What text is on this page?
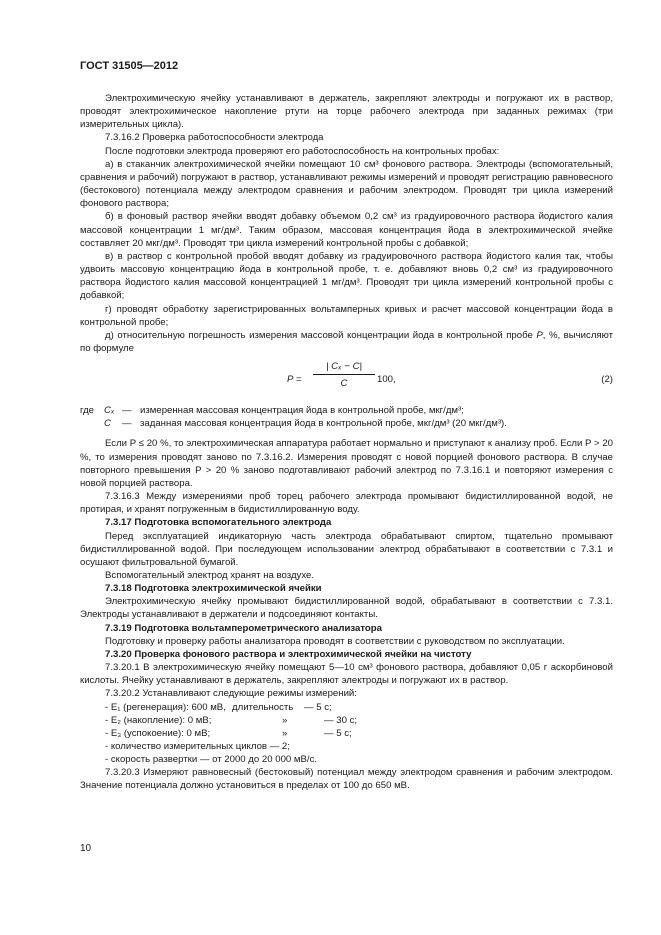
ГОСТ 31505—2012

Электрохимическую ячейку устанавливают в держатель, закрепляют электроды и погружают их в раствор, проводят электрохимическое накопление ртути на торце рабочего электрода при заданных режимах (три измерительных цикла).

7.3.16.2 Проверка работоспособности электрода

После подготовки электрода проверяют его работоспособность на контрольных пробах:

а) в стаканчик электрохимической ячейки помещают 10 см³ фонового раствора. Электроды (вспомогательный, сравнения и рабочий) погружают в раствор, устанавливают режимы измерений и проводят регистрацию равновесного (бестокового) потенциала между электродом сравнения и рабочим электродом. Проводят три цикла измерений фонового раствора;

б) в фоновый раствор ячейки вводят добавку объемом 0,2 см³ из градуировочного раствора йодистого калия массовой концентрации 1 мг/дм³. Таким образом, массовая концентрация йода в электрохимической ячейке составляет 20 мкг/дм³. Проводят три цикла измерений контрольной пробы с добавкой;

в) в раствор с контрольной пробой вводят добавку из градуировочного раствора йодистого калия так, чтобы удвоить массовую концентрацию йода в контрольной пробе, т. е. добавляют вновь 0,2 см³ из градуировочного раствора йодистого калия массовой концентрацией 1 мг/дм³. Проводят три цикла измерений контрольной пробы с добавкой;

г) проводят обработку зарегистрированных вольтамперных кривых и расчет массовой концентрации йода в контрольной пробе;

д) относительную погрешность измерения массовой концентрации йода в контрольной пробе P, %, вычисляют по формуле

P =
| Cₓ − C|
C	100,	(2)
где Cₓ — измеренная массовая концентрация йода в контрольной пробе, мкг/дм³;
C — заданная массовая концентрация йода в контрольной пробе, мкг/дм³ (20 мкг/дм³).

Если P ≤ 20 %, то электрохимическая аппаратура работает нормально и приступают к анализу проб. Если P > 20 %, то измерения проводят заново по 7.3.16.2. Измерения проводят с новой порцией фонового раствора. В случае повторного превышения P > 20 % заново подготавливают рабочий электрод по 7.3.16.1 и повторяют измерения с новой порцией раствора.

7.3.16.3 Между измерениями проб торец рабочего электрода промывают бидистиллированной водой, не протирая, и хранят погруженным в бидистиллированную воду.

7.3.17 Подготовка вспомогательного электрода

Перед эксплуатацией индикаторную часть электрода обрабатывают спиртом, тщательно промывают бидистиллированной водой. При последующем использовании электрод обрабатывают в соответствии с 7.3.1 и осушают фильтровальной бумагой.

Вспомогательный электрод хранят на воздухе.

7.3.18 Подготовка электрохимической ячейки

Электрохимическую ячейку промывают бидистиллированной водой, обрабатывают в соответствии с 7.3.1. Электроды устанавливают в держатели и подсоединяют контакты.

7.3.19 Подготовка вольтамперометрического анализатора

Подготовку и проверку работы анализатора проводят в соответствии с руководством по эксплуатации.

7.3.20 Проверка фонового раствора и электрохимической ячейки на чистоту

7.3.20.1 В электрохимическую ячейку помещают 5—10 см³ фонового раствора, добавляют 0,05 г аскорбиновой кислоты. Ячейку устанавливают в держатель, закрепляют электроды и погружают их в раствор.

7.3.20.2 Устанавливают следующие режимы измерений:

- E₁ (регенерация): 600 мВ, длительность — 5 с;
- E₂ (накопление): 0 мВ;	»	— 30 с;
- E₃ (успокоение): 0 мВ;	»	— 5 с;

- количество измерительных циклов — 2;

- скорость развертки — от 2000 до 20 000 мВ/с.

7.3.20.3 Измеряют равновесный (бестоковый) потенциал между электродом сравнения и рабочим электродом. Значение потенциала должно установиться в пределах от 100 до 650 мВ.

10
